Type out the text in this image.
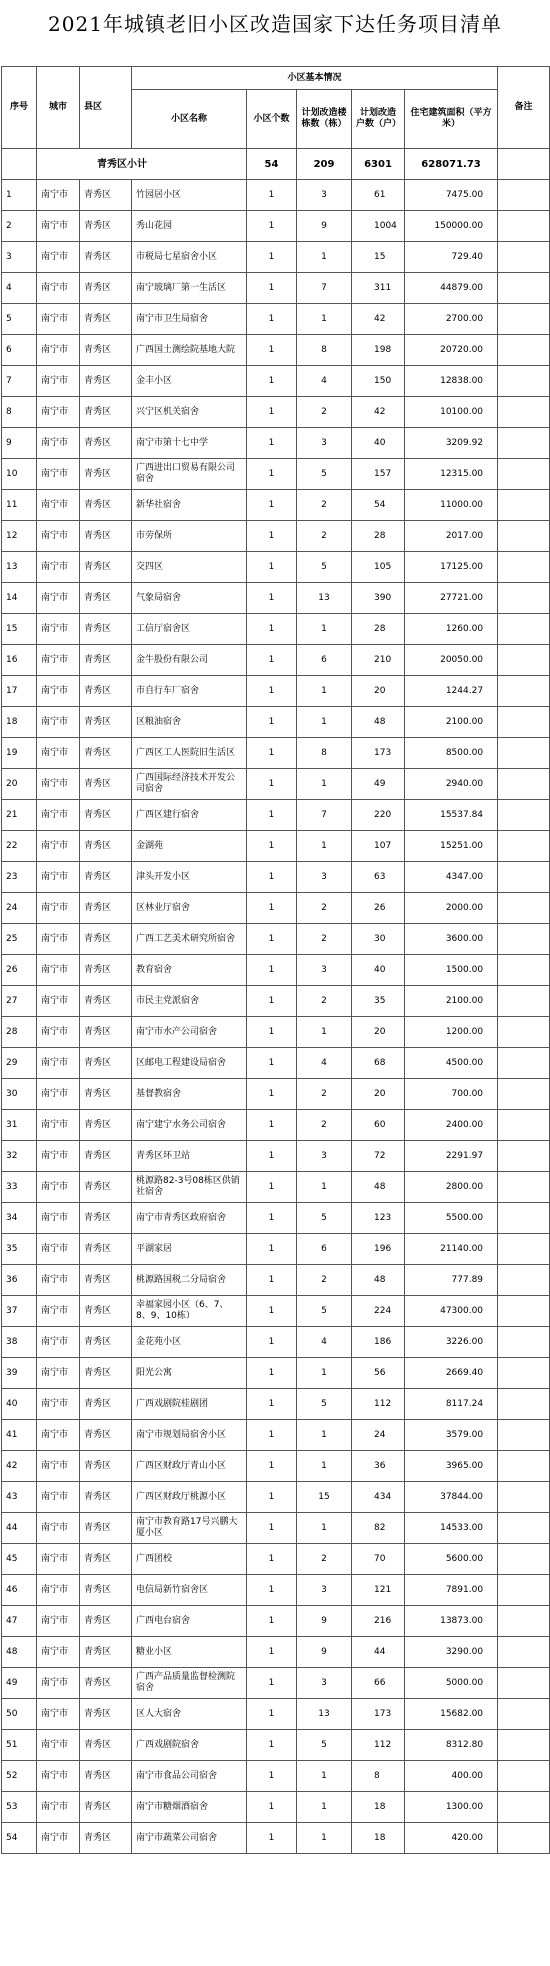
2021年城镇老旧小区改造国家下达任务项目清单
序号	城市	县区	小区基本情况					备注
			小区名称	小区个数	计划改造楼栋数（栋）	计划改造户数（户）	住宅建筑面积（平方米）	
	青秀区小计			54	209	6301	628071.73	
1	南宁市	青秀区	竹园居小区	1	3	61	7475.00	
2	南宁市	青秀区	秀山花园	1	9	1004	150000.00	
3	南宁市	青秀区	市税局七星宿舍小区	1	1	15	729.40	
4	南宁市	青秀区	南宁玻璃厂第一生活区	1	7	311	44879.00	
5	南宁市	青秀区	南宁市卫生局宿舍	1	1	42	2700.00	
6	南宁市	青秀区	广西国土测绘院基地大院	1	8	198	20720.00	
7	南宁市	青秀区	金丰小区	1	4	150	12838.00	
8	南宁市	青秀区	兴宁区机关宿舍	1	2	42	10100.00	
9	南宁市	青秀区	南宁市第十七中学	1	3	40	3209.92	
10	南宁市	青秀区	广西进出口贸易有限公司宿舍	1	5	157	12315.00	
11	南宁市	青秀区	新华社宿舍	1	2	54	11000.00	
12	南宁市	青秀区	市劳保所	1	2	28	2017.00	
13	南宁市	青秀区	交四区	1	5	105	17125.00	
14	南宁市	青秀区	气象局宿舍	1	13	390	27721.00	
15	南宁市	青秀区	工信厅宿舍区	1	1	28	1260.00	
16	南宁市	青秀区	金牛股份有限公司	1	6	210	20050.00	
17	南宁市	青秀区	市自行车厂宿舍	1	1	20	1244.27	
18	南宁市	青秀区	区粮油宿舍	1	1	48	2100.00	
19	南宁市	青秀区	广西区工人医院旧生活区	1	8	173	8500.00	
20	南宁市	青秀区	广西国际经济技术开发公司宿舍	1	1	49	2940.00	
21	南宁市	青秀区	广西区建行宿舍	1	7	220	15537.84	
22	南宁市	青秀区	金湖苑	1	1	107	15251.00	
23	南宁市	青秀区	津头开发小区	1	3	63	4347.00	
24	南宁市	青秀区	区林业厅宿舍	1	2	26	2000.00	
25	南宁市	青秀区	广西工艺美术研究所宿舍	1	2	30	3600.00	
26	南宁市	青秀区	教育宿舍	1	3	40	1500.00	
27	南宁市	青秀区	市民主党派宿舍	1	2	35	2100.00	
28	南宁市	青秀区	南宁市水产公司宿舍	1	1	20	1200.00	
29	南宁市	青秀区	区邮电工程建设局宿舍	1	4	68	4500.00	
30	南宁市	青秀区	基督教宿舍	1	2	20	700.00	
31	南宁市	青秀区	南宁建宁水务公司宿舍	1	2	60	2400.00	
32	南宁市	青秀区	青秀区环卫站	1	3	72	2291.97	
33	南宁市	青秀区	桃源路82-3号08栋区供销社宿舍	1	1	48	2800.00	
34	南宁市	青秀区	南宁市青秀区政府宿舍	1	5	123	5500.00	
35	南宁市	青秀区	平湖家居	1	6	196	21140.00	
36	南宁市	青秀区	桃源路国税二分局宿舍	1	2	48	777.89	
37	南宁市	青秀区	幸福家园小区（6、7、8、9、10栋）	1	5	224	47300.00	
38	南宁市	青秀区	金花苑小区	1	4	186	3226.00	
39	南宁市	青秀区	阳光公寓	1	1	56	2669.40	
40	南宁市	青秀区	广西戏剧院桂剧团	1	5	112	8117.24	
41	南宁市	青秀区	南宁市规划局宿舍小区	1	1	24	3579.00	
42	南宁市	青秀区	广西区财政厅青山小区	1	1	36	3965.00	
43	南宁市	青秀区	广西区财政厅桃源小区	1	15	434	37844.00	
44	南宁市	青秀区	南宁市教育路17号兴鹏大厦小区	1	1	82	14533.00	
45	南宁市	青秀区	广西团校	1	2	70	5600.00	
46	南宁市	青秀区	电信局新竹宿舍区	1	3	121	7891.00	
47	南宁市	青秀区	广西电台宿舍	1	9	216	13873.00	
48	南宁市	青秀区	糖业小区	1	9	44	3290.00	
49	南宁市	青秀区	广西产品质量监督检测院宿舍	1	3	66	5000.00	
50	南宁市	青秀区	区人大宿舍	1	13	173	15682.00	
51	南宁市	青秀区	广西戏剧院宿舍	1	5	112	8312.80	
52	南宁市	青秀区	南宁市食品公司宿舍	1	1	8	400.00	
53	南宁市	青秀区	南宁市糖烟酒宿舍	1	1	18	1300.00	
54	南宁市	青秀区	南宁市蔬菜公司宿舍	1	1	18	420.00	
